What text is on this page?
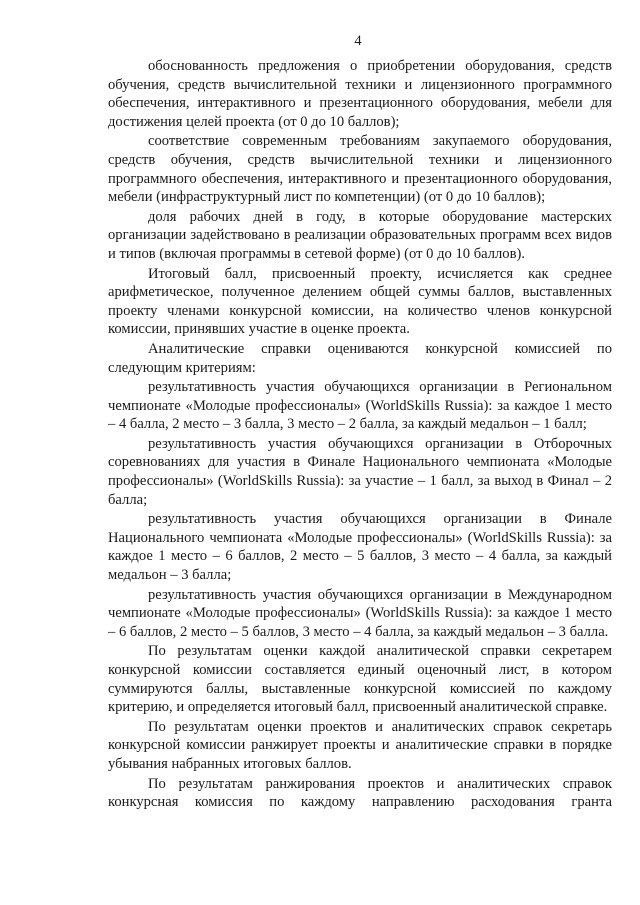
4

обоснованность предложения о приобретении оборудования, средств обучения, средств вычислительной техники и лицензионного программного обеспечения, интерактивного и презентационного оборудования, мебели для достижения целей проекта (от 0 до 10 баллов);

соответствие современным требованиям закупаемого оборудования, средств обучения, средств вычислительной техники и лицензионного программного обеспечения, интерактивного и презентационного оборудования, мебели (инфраструктурный лист по компетенции) (от 0 до 10 баллов);

доля рабочих дней в году, в которые оборудование мастерских организации задействовано в реализации образовательных программ всех видов и типов (включая программы в сетевой форме) (от 0 до 10 баллов).

Итоговый балл, присвоенный проекту, исчисляется как среднее арифметическое, полученное делением общей суммы баллов, выставленных проекту членами конкурсной комиссии, на количество членов конкурсной комиссии, принявших участие в оценке проекта.

Аналитические справки оцениваются конкурсной комиссией по следующим критериям:

результативность участия обучающихся организации в Региональном чемпионате «Молодые профессионалы» (WorldSkills Russia): за каждое 1 место – 4 балла, 2 место – 3 балла, 3 место – 2 балла, за каждый медальон – 1 балл;

результативность участия обучающихся организации в Отборочных соревнованиях для участия в Финале Национального чемпионата «Молодые профессионалы» (WorldSkills Russia): за участие – 1 балл, за выход в Финал – 2 балла;

результативность участия обучающихся организации в Финале Национального чемпионата «Молодые профессионалы» (WorldSkills Russia): за каждое 1 место – 6 баллов, 2 место – 5 баллов, 3 место – 4 балла, за каждый медальон – 3 балла;

результативность участия обучающихся организации в Международном чемпионате «Молодые профессионалы» (WorldSkills Russia): за каждое 1 место – 6 баллов, 2 место – 5 баллов, 3 место – 4 балла, за каждый медальон – 3 балла.

По результатам оценки каждой аналитической справки секретарем конкурсной комиссии составляется единый оценочный лист, в котором суммируются баллы, выставленные конкурсной комиссией по каждому критерию, и определяется итоговый балл, присвоенный аналитической справке.

По результатам оценки проектов и аналитических справок секретарь конкурсной комиссии ранжирует проекты и аналитические справки в порядке убывания набранных итоговых баллов.

По результатам ранжирования проектов и аналитических справок конкурсная комиссия по каждому направлению расходования гранта
